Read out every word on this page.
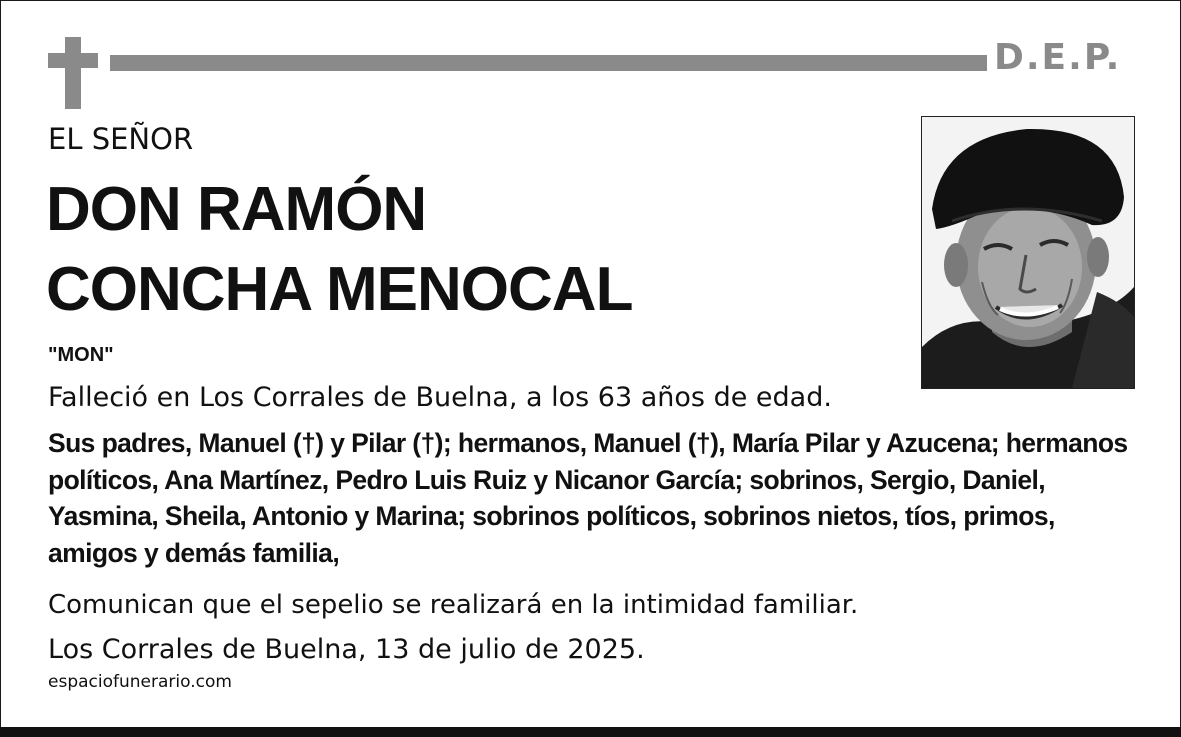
D.E.P.
EL SEÑOR
DON RAMÓN
CONCHA MENOCAL
"MON"
Falleció en Los Corrales de Buelna, a los 63 años de edad.
Sus padres, Manuel (†) y Pilar (†); hermanos, Manuel (†), María Pilar y Azucena; hermanos políticos, Ana Martínez, Pedro Luis Ruiz y Nicanor García; sobrinos, Sergio, Daniel, Yasmina, Sheila, Antonio y Marina; sobrinos políticos, sobrinos nietos, tíos, primos, amigos y demás familia,
Comunican que el sepelio se realizará en la intimidad familiar.
Los Corrales de Buelna, 13 de julio de 2025.
espaciofunerario.com
